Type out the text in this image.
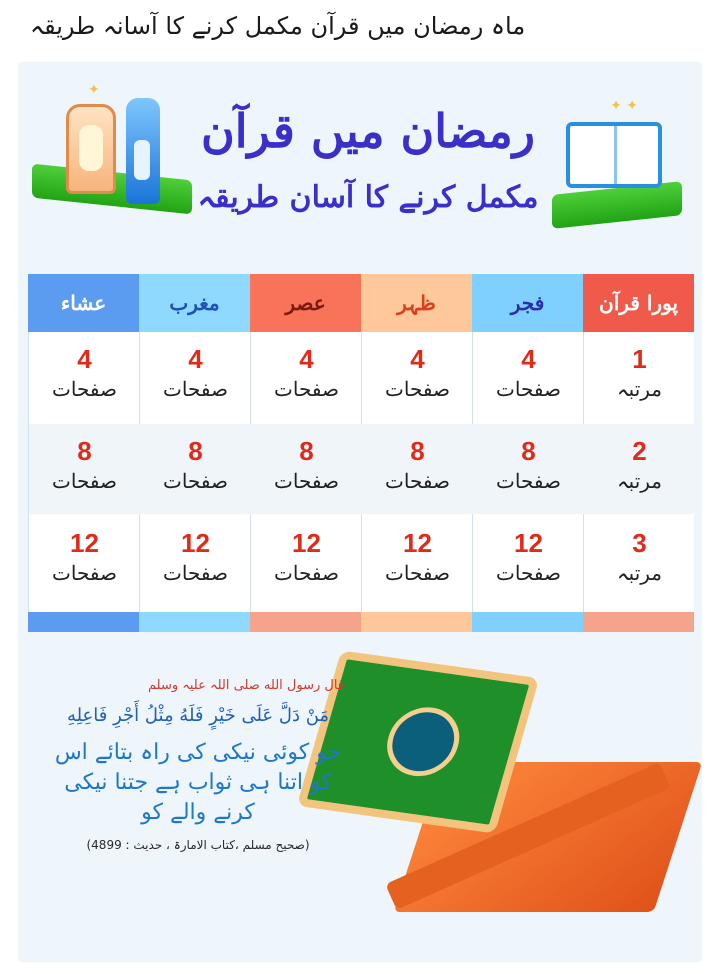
ماہ رمضان میں قرآن مکمل کرنے کا آسانہ طریقہ
✦ ✦
✦
رمضان میں قرآن
مکمل کرنے کا آسان طریقہ
پورا قرآن
1
مرتبہ
2
مرتبہ
3
مرتبہ
فجر
4
صفحات
8
صفحات
12
صفحات
ظہر
4
صفحات
8
صفحات
12
صفحات
عصر
4
صفحات
8
صفحات
12
صفحات
مغرب
4
صفحات
8
صفحات
12
صفحات
عشاء
4
صفحات
8
صفحات
12
صفحات
قال رسول الله صلی اللہ علیہ وسلم
مَنْ دَلَّ عَلَى خَيْرٍ فَلَهُ مِثْلُ أَجْرِ فَاعِلِهِ
جو کوئی نیکی کی راہ بتائے اس
کو اتنا ہی ثواب ہے جتنا نیکی
کرنے والے کو
(صحیح مسلم ،کتاب الامارۃ ، حدیث : 4899)
